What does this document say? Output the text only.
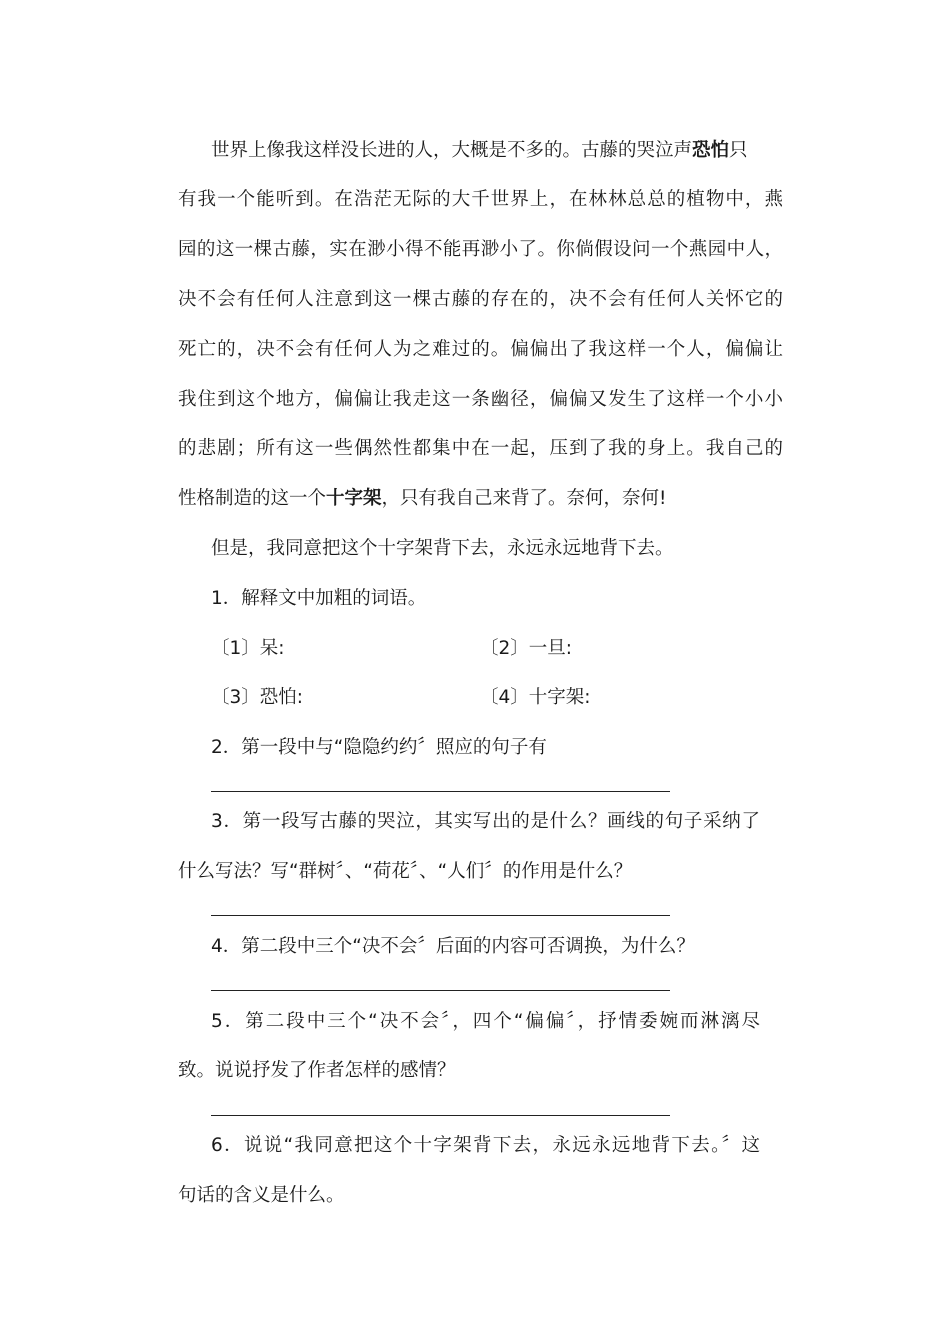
世界上像我这样没长进的人，大概是不多的。古藤的哭泣声恐怕只
有我一个能听到。在浩茫无际的大千世界上，在林林总总的植物中，燕
园的这一棵古藤，实在渺小得不能再渺小了。你倘假设问一个燕园中人，
决不会有任何人注意到这一棵古藤的存在的，决不会有任何人关怀它的
死亡的，决不会有任何人为之难过的。偏偏出了我这样一个人，偏偏让
我住到这个地方，偏偏让我走这一条幽径，偏偏又发生了这样一个小小
的悲剧；所有这一些偶然性都集中在一起，压到了我的身上。我自己的
性格制造的这一个十字架，只有我自己来背了。奈何，奈何!
但是，我同意把这个十字架背下去，永远永远地背下去。
1．解释文中加粗的词语。
〔1〕呆:	〔2〕一旦:
〔3〕恐怕:	〔4〕十字架:
2．第一段中与“隐隐约约〞照应的句子有
3．第一段写古藤的哭泣，其实写出的是什么？画线的句子采纳了
什么写法？写“群树〞、“荷花〞、“人们〞的作用是什么？
4．第二段中三个“决不会〞后面的内容可否调换，为什么？
5．第二段中三个“决不会〞，四个“偏偏〞，抒情委婉而淋漓尽
致。说说抒发了作者怎样的感情？
6．说说“我同意把这个十字架背下去，永远永远地背下去。〞这
句话的含义是什么。
